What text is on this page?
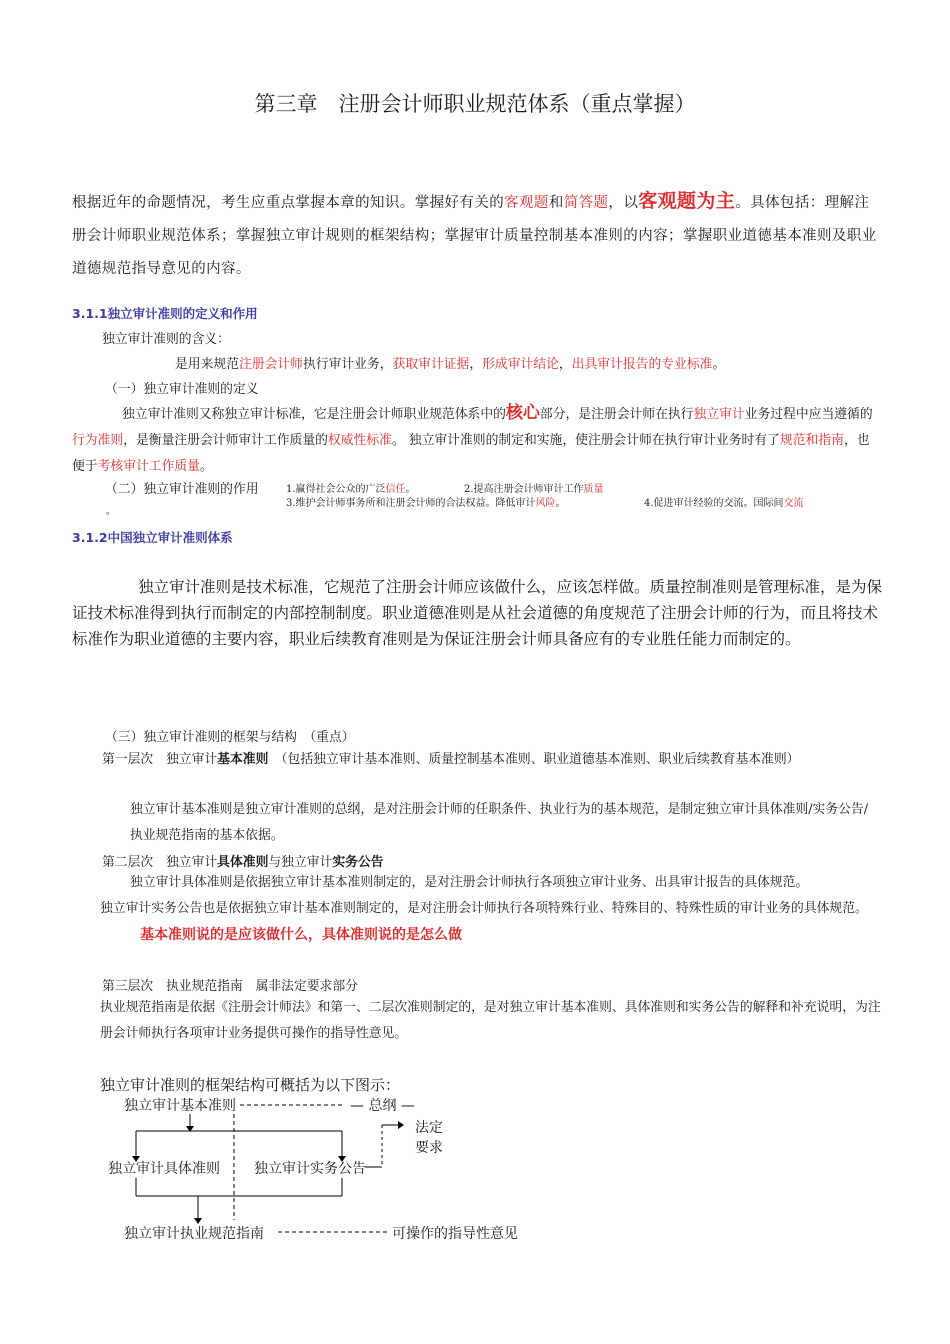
第三章　注册会计师职业规范体系（重点掌握）
根据近年的命题情况，考生应重点掌握本章的知识。掌握好有关的客观题和简答题，以客观题为主。具体包括：理解注册会计师职业规范体系；掌握独立审计规则的框架结构；掌握审计质量控制基本准则的内容；掌握职业道德基本准则及职业道德规范指导意见的内容。
3.1.1独立审计准则的定义和作用
独立审计准则的含义：
是用来规范注册会计师执行审计业务，获取审计证据，形成审计结论，出具审计报告的专业标准。
（一）独立审计准则的定义
独立审计准则又称独立审计标准，它是注册会计师职业规范体系中的核心部分，是注册会计师在执行独立审计业务过程中应当遵循的行为准则，是衡量注册会计师审计工作质量的权威性标准。 独立审计准则的制定和实施，使注册会计师在执行审计业务时有了规范和指南，也便于考核审计工作质量。
（二）独立审计准则的作用	1.赢得社会公众的广泛信任。	2.提高注册会计师审计工作质量
3.维护会计师事务所和注册会计师的合法权益。降低审计风险。	4.促进审计经验的交流。国际间交流
。
3.1.2中国独立审计准则体系
独立审计准则是技术标准，它规范了注册会计师应该做什么，应该怎样做。质量控制准则是管理标准，是为保证技术标准得到执行而制定的内部控制制度。职业道德准则是从社会道德的角度规范了注册会计师的行为，而且将技术标准作为职业道德的主要内容，职业后续教育准则是为保证注册会计师具备应有的专业胜任能力而制定的。
（三）独立审计准则的框架与结构　（重点）
第一层次　独立审计基本准则　（包括独立审计基本准则、质量控制基本准则、职业道德基本准则、职业后续教育基本准则）
独立审计基本准则是独立审计准则的总纲，是对注册会计师的任职条件、执业行为的基本规范，是制定独立审计具体准则/实务公告/执业规范指南的基本依据。
第二层次　独立审计具体准则与独立审计实务公告
独立审计具体准则是依据独立审计基本准则制定的，是对注册会计师执行各项独立审计业务、出具审计报告的具体规范。
独立审计实务公告也是依据独立审计基本准则制定的，是对注册会计师执行各项特殊行业、特殊目的、特殊性质的审计业务的具体规范。基本准则说的是应该做什么，具体准则说的是怎么做
第三层次　执业规范指南　属非法定要求部分
执业规范指南是依据《注册会计师法》和第一、二层次准则制定的，是对独立审计基本准则、具体准则和实务公告的解释和补充说明，为注册会计师执行各项审计业务提供可操作的指导性意见。
独立审计准则的框架结构可概括为以下图示：
独立审计基本准则	— 总纲 —
独立审计具体准则 独立审计实务公告
法定
要求
独立审计执业规范指南	可操作的指导性意见
